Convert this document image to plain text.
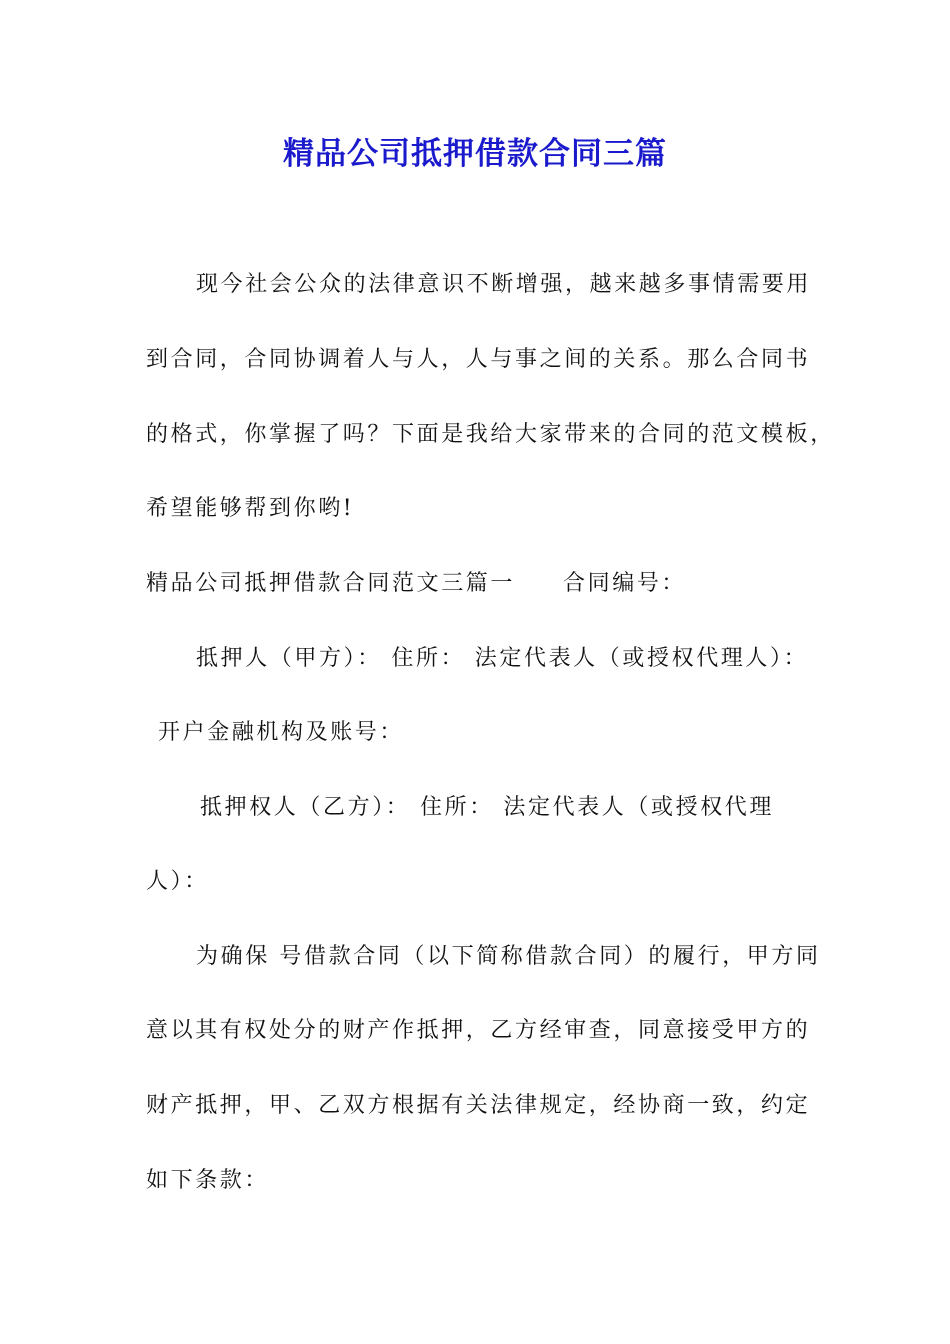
精品公司抵押借款合同三篇
现今社会公众的法律意识不断增强，越来越多事情需要用
到合同，合同协调着人与人，人与事之间的关系。那么合同书
的格式，你掌握了吗？下面是我给大家带来的合同的范文模板，
希望能够帮到你哟!
精品公司抵押借款合同范文三篇一 合同编号：
抵押人（甲方）： 住所： 法定代表人（或授权代理人）：
开户金融机构及账号：
抵押权人（乙方）： 住所： 法定代表人（或授权代理
人）：
为确保 号借款合同（以下简称借款合同）的履行，甲方同
意以其有权处分的财产作抵押，乙方经审查，同意接受甲方的
财产抵押，甲、乙双方根据有关法律规定，经协商一致，约定
如下条款：
